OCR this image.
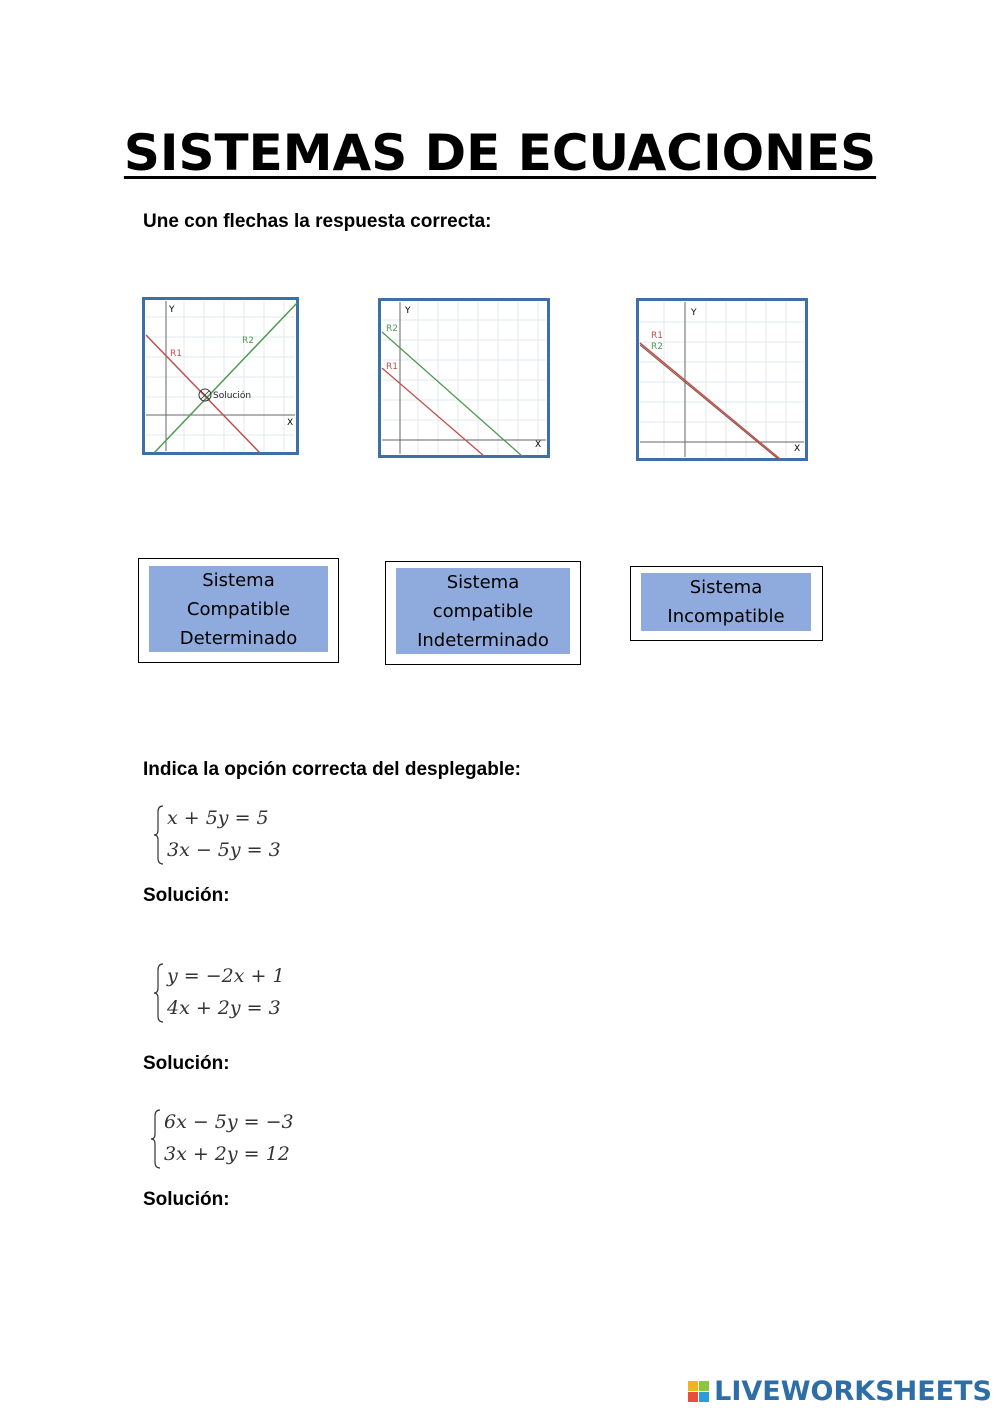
SISTEMAS DE ECUACIONES
Une con flechas la respuesta correcta:
Y
X
R1
R2
Solución
Y
X
R1
R2
Y
X
R1
R2
Sistema
Compatible
Determinado
Sistema
compatible
Indeterminado
Sistema
Incompatible
Indica la opción correcta del desplegable:
x + 5y = 5
3x − 5y = 3
Solución:
y = −2x + 1
4x + 2y = 3
Solución:
6x − 5y = −3
3x + 2y = 12
Solución:
LIVEWORKSHEETS
